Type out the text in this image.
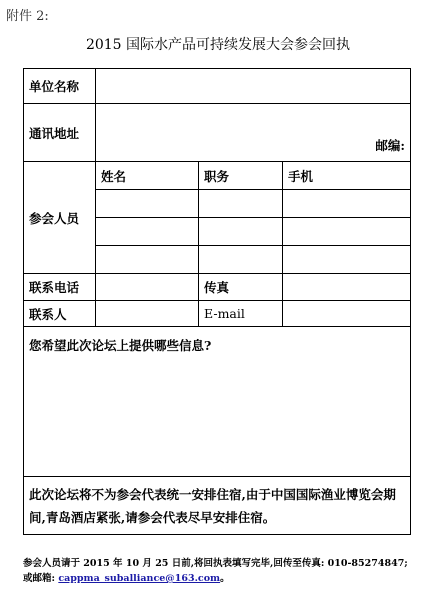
附件 2:
2015 国际水产品可持续发展大会参会回执
单位名称			
通讯地址	邮编:		

参会人员	姓名	职务	手机

联系电话		传真	
联系人		E-mail	
您希望此次论坛上提供哪些信息?			
此次论坛将不为参会代表统一安排住宿,由于中国国际渔业博览会期间,青岛酒店紧张,请参会代表尽早安排住宿。			
参会人员请于 2015 年 10 月 25 日前,将回执表填写完毕,回传至传真: 010-85274847;
或邮箱: cappma_suballiance@163.com。
